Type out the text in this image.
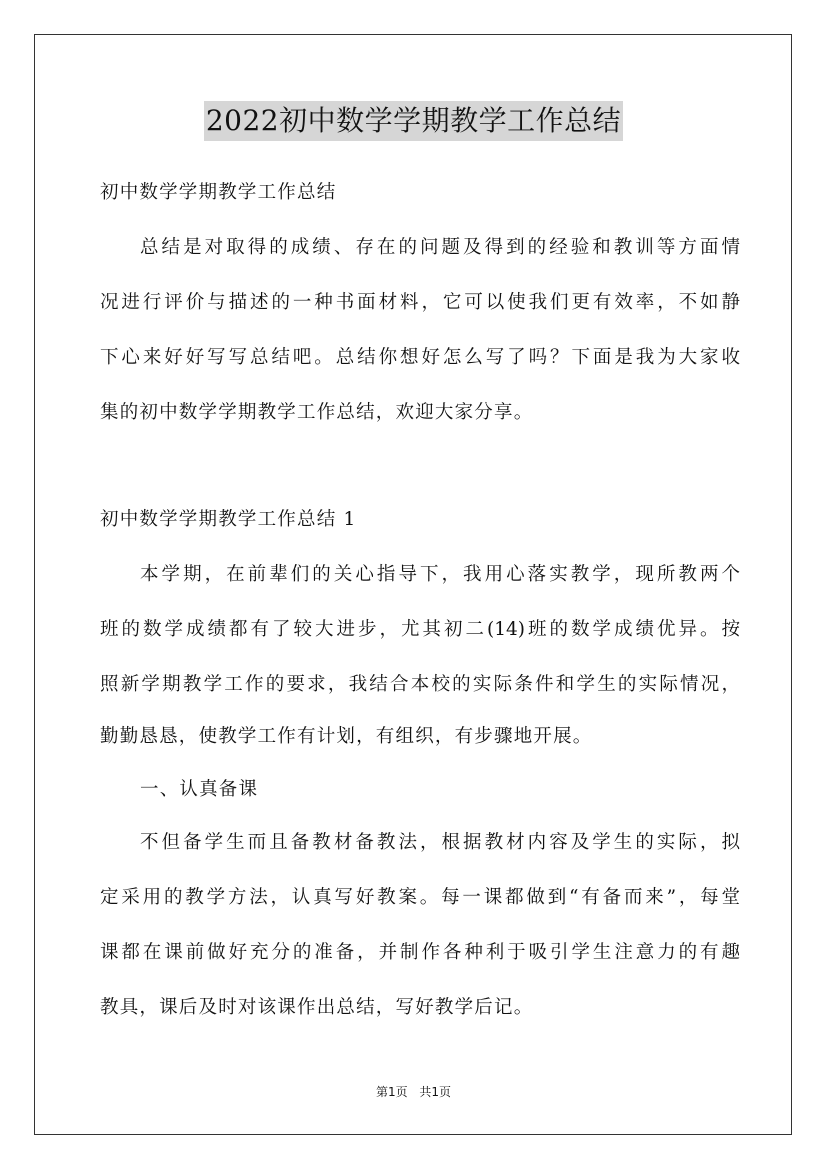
2022初中数学学期教学工作总结
初中数学学期教学工作总结
总结是对取得的成绩、存在的问题及得到的经验和教训等方面情
况进行评价与描述的一种书面材料，它可以使我们更有效率，不如静
下心来好好写写总结吧。总结你想好怎么写了吗？下面是我为大家收
集的初中数学学期教学工作总结，欢迎大家分享。
初中数学学期教学工作总结 1
本学期，在前辈们的关心指导下，我用心落实教学，现所教两个
班的数学成绩都有了较大进步，尤其初二(14)班的数学成绩优异。按
照新学期教学工作的要求，我结合本校的实际条件和学生的实际情况，
勤勤恳恳，使教学工作有计划，有组织，有步骤地开展。
一、认真备课
不但备学生而且备教材备教法，根据教材内容及学生的实际，拟
定采用的教学方法，认真写好教案。每一课都做到“有备而来”，每堂
课都在课前做好充分的准备，并制作各种利于吸引学生注意力的有趣
教具，课后及时对该课作出总结，写好教学后记。
第1页 共1页
